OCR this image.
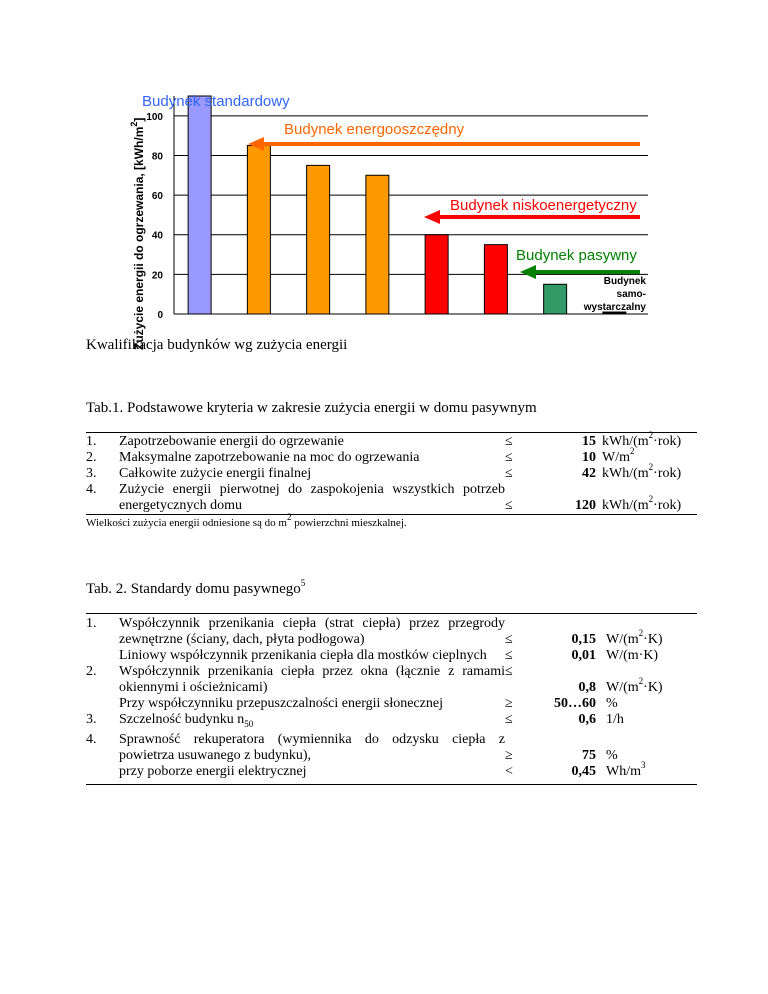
0
20
40
60
80
100
Budynek standardowy
Budynek energooszczędny
Budynek niskoenergetyczny
Budynek pasywny
Budynek
samo-
wystarczalny
Zużycie energii do ogrzewania, $[kWh/m^2]$
Kwalifikacja budynków wg zużycia energii
Tab.1. Podstawowe kryteria w zakresie zużycia energii w domu pasywnym
1.	Zapotrzebowanie energii do ogrzewanie	≤	15	kWh/$(m^2\cdot rok)$
2.	Maksymalne zapotrzebowanie na moc do ogrzewania	≤	10	$W/m^2$
3.	Całkowite zużycie energii finalnej	≤	42	kWh/$(m^2\cdot rok)$
4.	Zużycie energii pierwotnej do zaspokojenia wszystkich potrzeb energetycznych domu	≤	120	kWh/$(m^2\cdot rok)$
Wielkości zużycia energii odniesione są do $m^2$ powierzchni mieszkalnej.
Tab. 2. Standardy domu pasywnego$^5$
1.	Współczynnik przenikania ciepła (strat ciepła) przez przegrody zewnętrzne (ściany, dach, płyta podłogowa)	≤	0,15	$W/(m^2\cdot K)$
	Liniowy współczynnik przenikania ciepła dla mostków cieplnych	≤	0,01	W/(m·K)
2.	Współczynnik przenikania ciepła przez okna (łącznie z ramami okiennymi i ościeżnicami)	≤	0,8	$W/(m^2\cdot K)$
	Przy współczynniku przepuszczalności energii słonecznej	≥	50…60	%
3.	Szczelność budynku $n_{50}$	≤	0,6	1/h
4.	Sprawność rekuperatora (wymiennika do odzysku ciepła z powietrza usuwanego z budynku),	≥	75	%
	przy poborze energii elektrycznej	<	0,45	$Wh/m^3$
